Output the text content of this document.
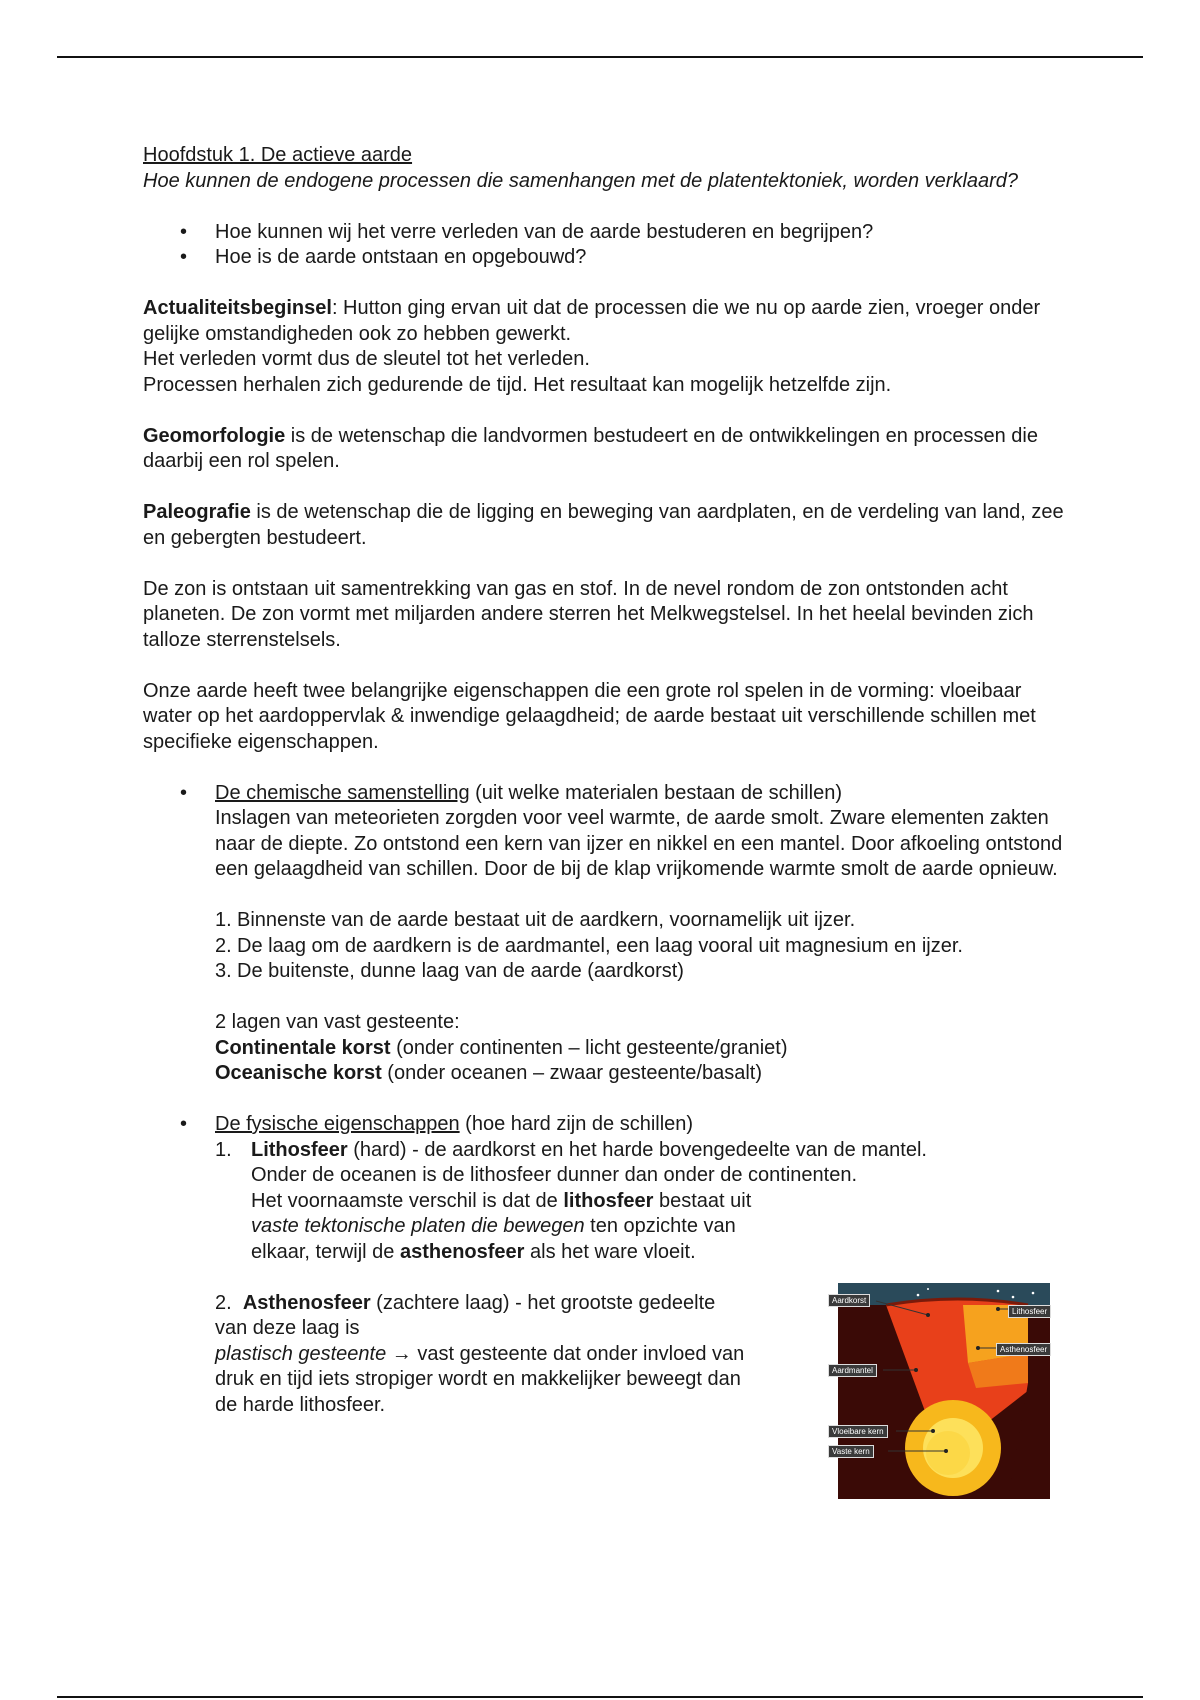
Hoofdstuk 1. De actieve aarde

Hoe kunnen de endogene processen die samenhangen met de platentektoniek, worden verklaard?

• Hoe kunnen wij het verre verleden van de aarde bestuderen en begrijpen?
• Hoe is de aarde ontstaan en opgebouwd?

Actualiteitsbeginsel: Hutton ging ervan uit dat de processen die we nu op aarde zien, vroeger onder gelijke omstandigheden ook zo hebben gewerkt.

Het verleden vormt dus de sleutel tot het verleden.

Processen herhalen zich gedurende de tijd. Het resultaat kan mogelijk hetzelfde zijn.

Geomorfologie is de wetenschap die landvormen bestudeert en de ontwikkelingen en processen die daarbij een rol spelen.

Paleografie is de wetenschap die de ligging en beweging van aardplaten, en de verdeling van land, zee en gebergten bestudeert.

De zon is ontstaan uit samentrekking van gas en stof. In de nevel rondom de zon ontstonden acht planeten. De zon vormt met miljarden andere sterren het Melkwegstelsel. In het heelal bevinden zich talloze sterrenstelsels.

Onze aarde heeft twee belangrijke eigenschappen die een grote rol spelen in de vorming: vloeibaar water op het aardoppervlak & inwendige gelaagdheid; de aarde bestaat uit verschillende schillen met specifieke eigenschappen.

• De chemische samenstelling (uit welke materialen bestaan de schillen)

Inslagen van meteorieten zorgden voor veel warmte, de aarde smolt. Zware elementen zakten naar de diepte. Zo ontstond een kern van ijzer en nikkel en een mantel. Door afkoeling ontstond een gelaagdheid van schillen. Door de bij de klap vrijkomende warmte smolt de aarde opnieuw.

1. Binnenste van de aarde bestaat uit de aardkern, voornamelijk uit ijzer.
2. De laag om de aardkern is de aardmantel, een laag vooral uit magnesium en ijzer.
3. De buitenste, dunne laag van de aarde (aardkorst)

2 lagen van vast gesteente:

Continentale korst (onder continenten – licht gesteente/graniet)

Oceanische korst (onder oceanen – zwaar gesteente/basalt)

• De fysische eigenschappen (hoe hard zijn de schillen)
1. Lithosfeer (hard) - de aardkorst en het harde bovengedeelte van de mantel.

Onder de oceanen is de lithosfeer dunner dan onder de continenten.

Het voornaamste verschil is dat de lithosfeer bestaat uit

vaste tektonische platen die bewegen ten opzichte van

elkaar, terwijl de asthenosfeer als het ware vloeit.

2. Asthenosfeer (zachtere laag) - het grootste gedeelte

van deze laag is

plastisch gesteente → vast gesteente dat onder invloed van

druk en tijd iets stropiger wordt en makkelijker beweegt dan

de harde lithosfeer.

Aardkorst
Lithosfeer
Asthenosfeer
Aardmantel
Vloeibare kern
Vaste kern
